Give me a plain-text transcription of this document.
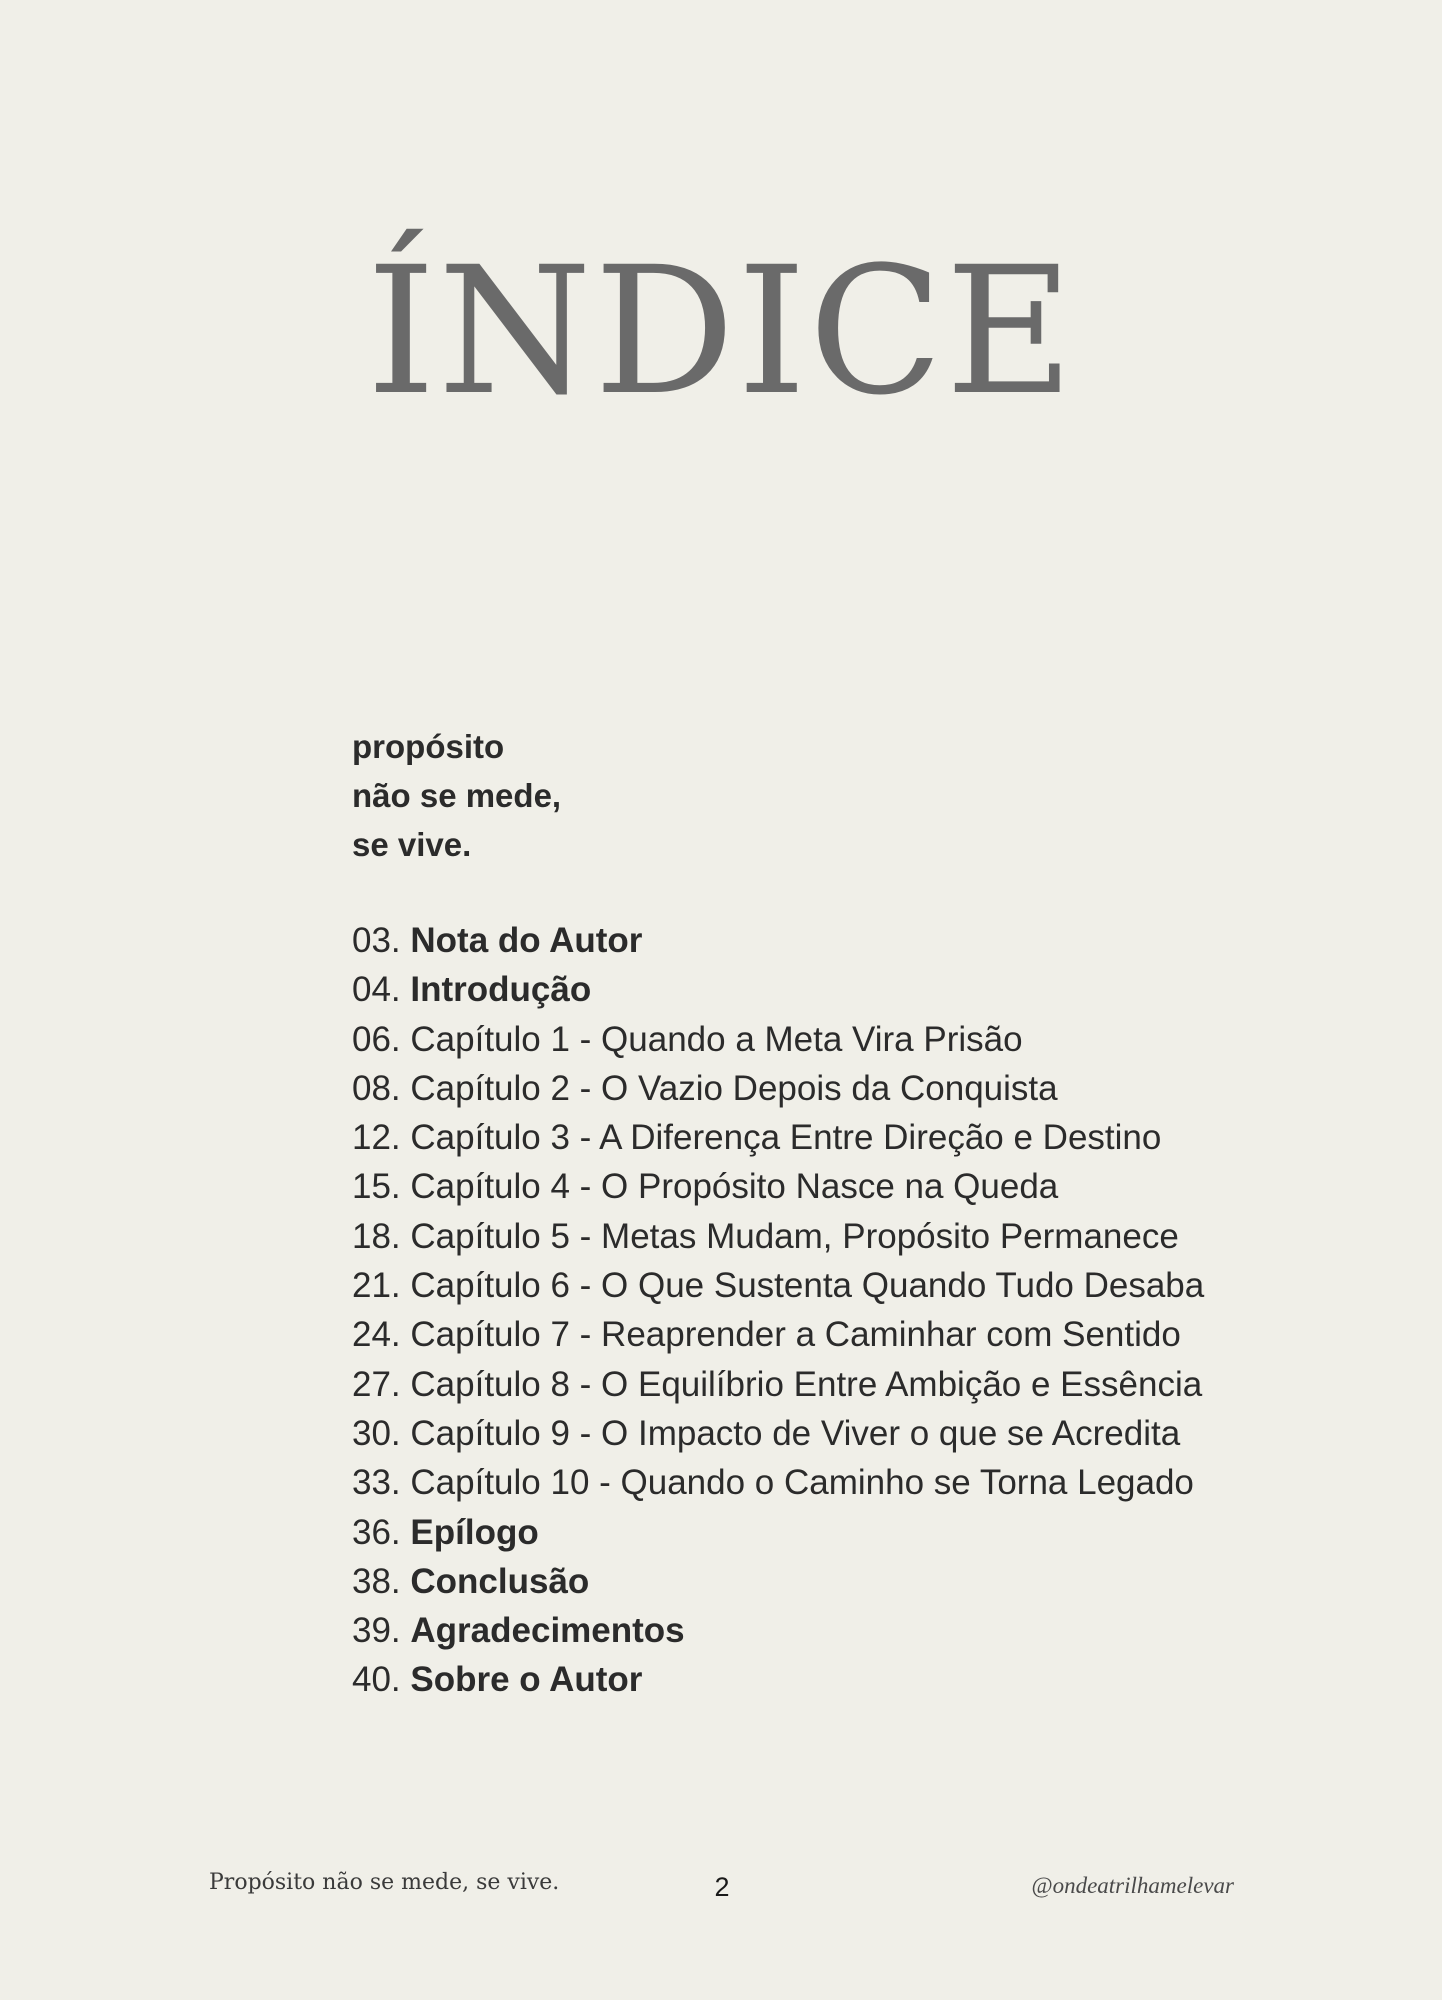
ÍNDICE
propósito
não se mede,
se vive.
03. Nota do Autor
04. Introdução
06. Capítulo 1 - Quando a Meta Vira Prisão
08. Capítulo 2 - O Vazio Depois da Conquista
12. Capítulo 3 - A Diferença Entre Direção e Destino
15. Capítulo 4 - O Propósito Nasce na Queda
18. Capítulo 5 - Metas Mudam, Propósito Permanece
21. Capítulo 6 - O Que Sustenta Quando Tudo Desaba
24. Capítulo 7 - Reaprender a Caminhar com Sentido
27. Capítulo 8 - O Equilíbrio Entre Ambição e Essência
30. Capítulo 9 - O Impacto de Viver o que se Acredita
33. Capítulo 10 - Quando o Caminho se Torna Legado
36. Epílogo
38. Conclusão
39. Agradecimentos
40. Sobre o Autor
Propósito não se mede, se vive.	2	@ondeatrilhamelevar
